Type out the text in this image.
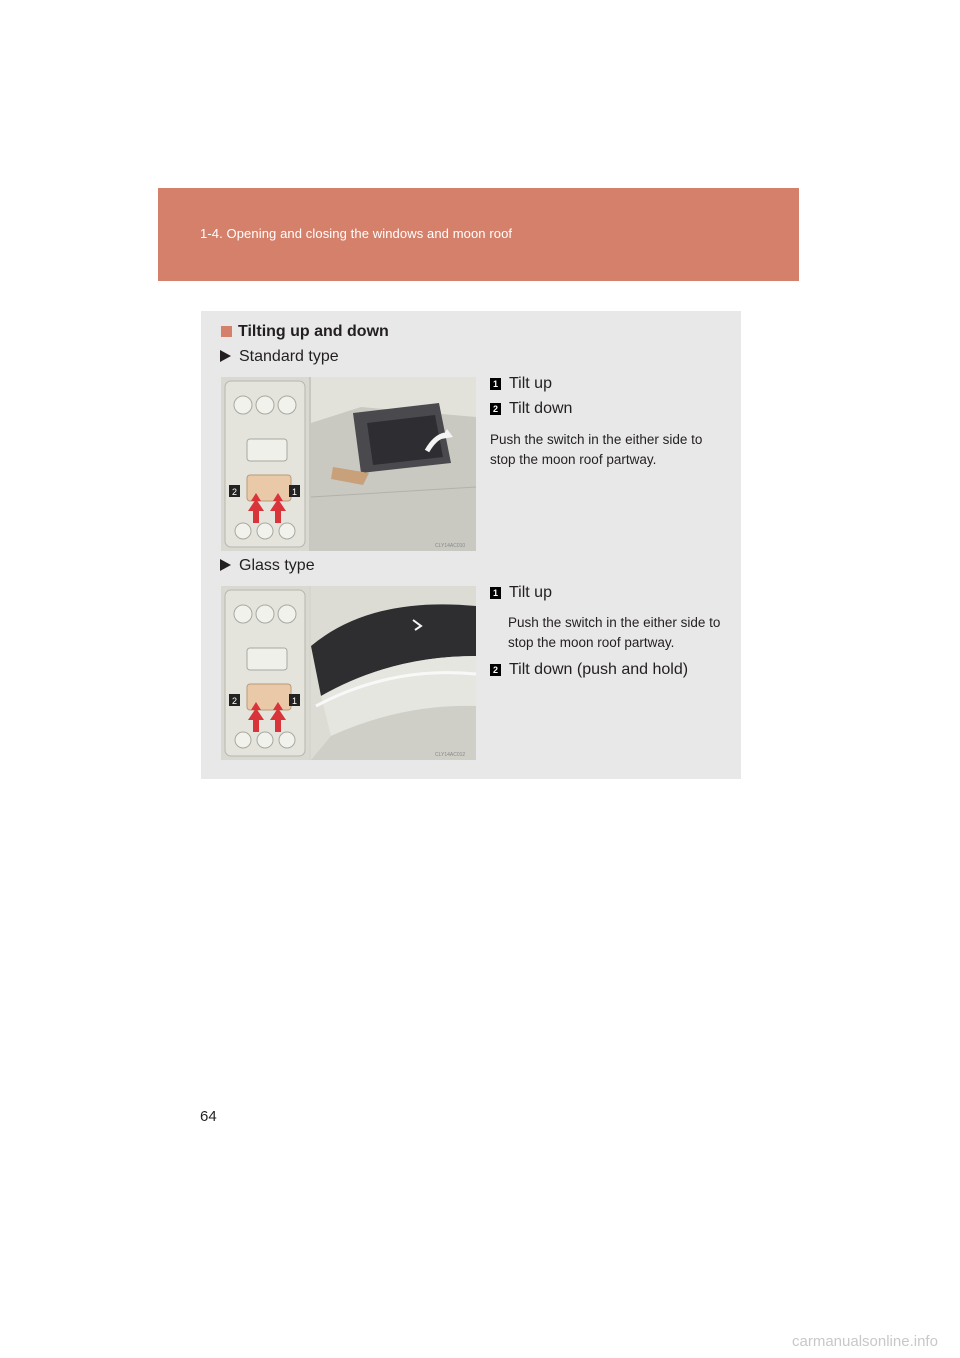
1-4. Opening and closing the windows and moon roof
Tilting up and down
Standard type
2	1
CLY14AC010
1 Tilt up
2 Tilt down
Push the switch in the either side to stop the moon roof partway.
Glass type
2	1
CLY14AC012
1 Tilt up
Push the switch in the either side to stop the moon roof partway.
2 Tilt down (push and hold)
64
carmanualsonline.info
